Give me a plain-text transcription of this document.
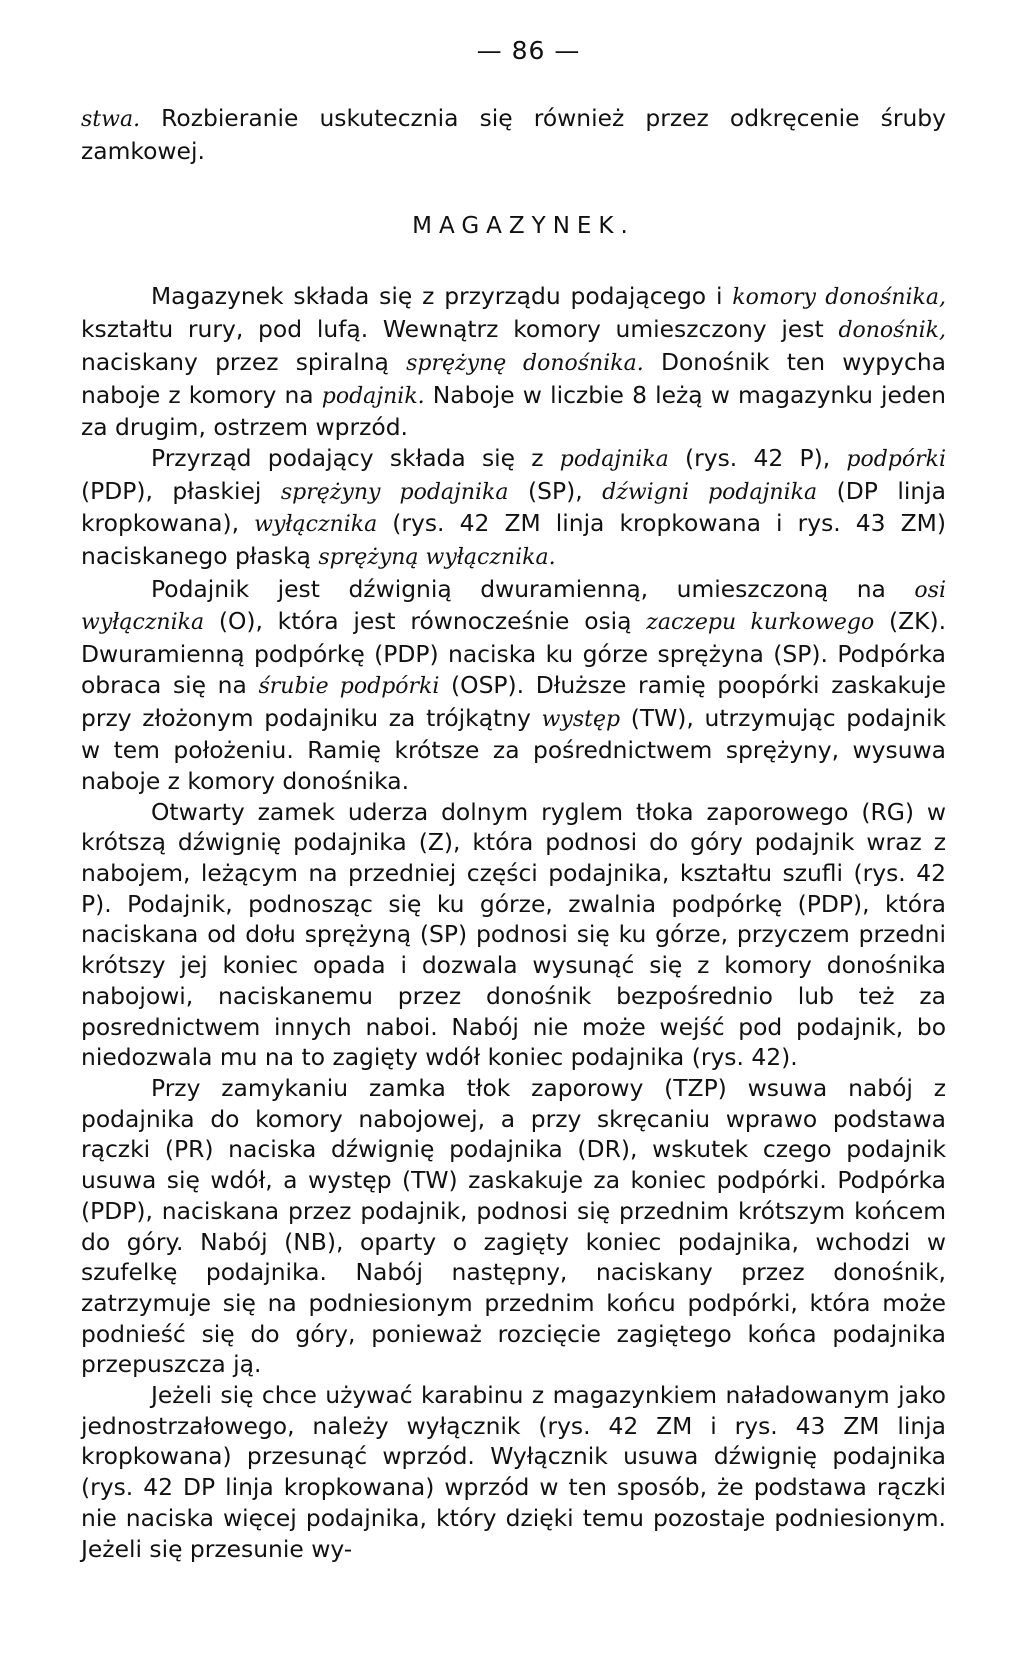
— 86 —

stwa. Rozbieranie uskutecznia się również przez odkręcenie śruby zamkowej.

MAGAZYNEK.

Magazynek składa się z przyrządu podającego i komory donośnika, kształtu rury, pod lufą. Wewnątrz komory umieszczony jest donośnik, naciskany przez spiralną sprężynę donośnika. Donośnik ten wypycha naboje z komory na podajnik. Naboje w liczbie 8 leżą w magazynku jeden za drugim, ostrzem wprzód.

Przyrząd podający składa się z podajnika (rys. 42 P), podpórki (PDP), płaskiej sprężyny podajnika (SP), dźwigni podajnika (DP linja kropkowana), wyłącznika (rys. 42 ZM linja kropkowana i rys. 43 ZM) naciskanego płaską sprężyną wyłącznika.

Podajnik jest dźwignią dwuramienną, umieszczoną na osi wyłącznika (O), która jest równocześnie osią zaczepu kurkowego (ZK). Dwuramienną podpórkę (PDP) naciska ku górze sprężyna (SP). Podpórka obraca się na śrubie podpórki (OSP). Dłuższe ramię poopórki zaskakuje przy złożonym podajniku za trójkątny występ (TW), utrzymując podajnik w tem położeniu. Ramię krótsze za pośrednictwem sprężyny, wysuwa naboje z komory donośnika.

Otwarty zamek uderza dolnym ryglem tłoka zaporowego (RG) w krótszą dźwignię podajnika (Z), która podnosi do góry podajnik wraz z nabojem, leżącym na przedniej części podajnika, kształtu szufli (rys. 42 P). Podajnik, podnosząc się ku górze, zwalnia podpórkę (PDP), która naciskana od dołu sprężyną (SP) podnosi się ku górze, przyczem przedni krótszy jej koniec opada i dozwala wysunąć się z komory donośnika nabojowi, naciskanemu przez donośnik bezpośrednio lub też za posrednictwem innych naboi. Nabój nie może wejść pod podajnik, bo niedozwala mu na to zagięty wdół koniec podajnika (rys. 42).

Przy zamykaniu zamka tłok zaporowy (TZP) wsuwa nabój z podajnika do komory nabojowej, a przy skręcaniu wprawo podstawa rączki (PR) naciska dźwignię podajnika (DR), wskutek czego podajnik usuwa się wdół, a występ (TW) zaskakuje za koniec podpórki. Podpórka (PDP), naciskana przez podajnik, podnosi się przednim krótszym końcem do góry. Nabój (NB), oparty o zagięty koniec podajnika, wchodzi w szufelkę podajnika. Nabój następny, naciskany przez donośnik, zatrzymuje się na podniesionym przednim końcu podpórki, która może podnieść się do góry, ponieważ rozcięcie zagiętego końca podajnika przepuszcza ją.

Jeżeli się chce używać karabinu z magazynkiem naładowanym jako jednostrzałowego, należy wyłącznik (rys. 42 ZM i rys. 43 ZM linja kropkowana) przesunąć wprzód. Wyłącznik usuwa dźwignię podajnika (rys. 42 DP linja kropkowana) wprzód w ten sposób, że podstawa rączki nie naciska więcej podajnika, który dzięki temu pozostaje podniesionym. Jeżeli się przesunie wy-
